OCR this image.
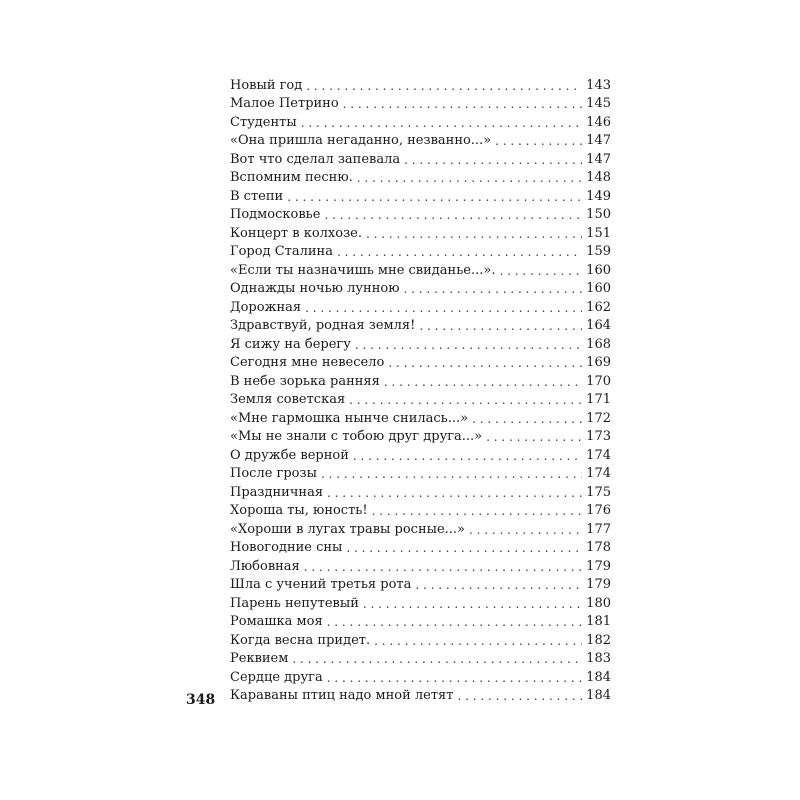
Новый год . . .	143
Малое Петрино . . .	145
Студенты . . .	146
«Она пришла негаданно, незванно...» . . .	147
Вот что сделал запевала . . .	147
Вспомним песню. . . .	148
В степи . . .	149
Подмосковье . . .	150
Концерт в колхозе. . . .	151
Город Сталина . . .	159
«Если ты назначишь мне свиданье...». . . .	160
Однажды ночью лунною . . .	160
Дорожная . . .	162
Здравствуй, родная земля! . . .	164
Я сижу на берегу . . .	168
Сегодня мне невесело . . .	169
В небе зорька ранняя . . .	170
Земля советская . . .	171
«Мне гармошка нынче снилась...» . . .	172
«Мы не знали с тобою друг друга...» . . .	173
О дружбе верной . . .	174
После грозы . . .	174
Праздничная . . .	175
Хороша ты, юность! . . .	176
«Хороши в лугах травы росные...» . . .	177
Новогодние сны . . .	178
Любовная . . .	179
Шла с учений третья рота . . .	179
Парень непутевый . . .	180
Ромашка моя . . .	181
Когда весна придет. . . .	182
Реквием . . .	183
Сердце друга . . .	184
Караваны птиц надо мной летят . . .	184
348
